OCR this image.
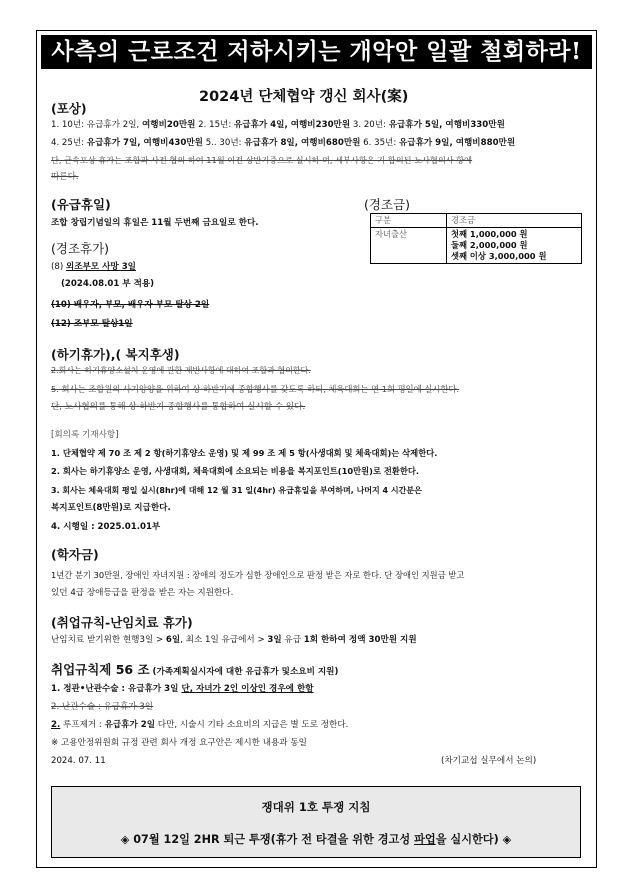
사측의 근로조건 저하시키는 개악안 일괄 철회하라!
2024년 단체협약 갱신 회사(案)
(포상)
1. 10년: 유급휴가 2일, 여행비20만원 2. 15년: 유급휴가 4일, 여행비230만원 3. 20년: 유급휴가 5일, 여행비330만원
4. 25년: 유급휴가 7일, 여행비430만원 5.. 30년: 유급휴가 8일, 여행비680만원 6. 35년: 유급휴가 9일, 여행비880만원
단, 근속포상 휴가는 조합과 사전 협의 하여 11월 이전 상반기중으로 실시하 며, 세부사항은 기 합의된 노사협의사 항에
따른다.
(유급휴일)
조합 창립기념일의 휴일은 11월 두번째 금요일로 한다.
(경조휴가)
(8) 외조부모 사망 3일
(2024.08.01 부 적용)
(10) 배우자, 부모, 배우자 부모 탈상 2일
(12) 조부모 탈상1일
(경조금)
구분	경조금
자녀출산	첫째 1,000,000 원
둘째 2,000,000 원
셋째 이상 3,000,000 원
(하기휴가),( 복지후생)
2.회사는 하기휴양소설치 운영에 관한 제반사항에 대하여 조합과 협의한다.
5. 회사는 조합원의 사기앙양을 위하여 상·하반기에 종합행사를 갖도록 하되, 체육대회는 연 1회 평일에 실시한다.
단, 노사협의를 통해 상·하반기 종합행사를 통합하여 실시할 수 있다.
[회의록 기재사항]
1. 단체협약 제 70 조 제 2 항(하기휴양소 운영) 및 제 99 조 제 5 항(사생대회 및 체육대회)는 삭제한다.
2. 회사는 하기휴양소 운영, 사생대회, 체육대회에 소요되는 비용을 복지포인트(10만원)로 전환한다.
3. 회사는 체육대회 평일 실시(8hr)에 대해 12 월 31 일(4hr) 유급휴일을 부여하며, 나머지 4 시간분은
복지포인트(8만원)로 지급한다.
4. 시행일 : 2025.01.01부
(학자금)
1년간 분기 30만원, 장애인 자녀지원 : 장애의 정도가 심한 장애인으로 판정 받은 자로 한다. 단 장애인 지원금 받고
있던 4급 장애등급을 판정을 받은 자는 지원한다.
(취업규칙-난임치료 휴가)
난임치료 받기위한 현행3일 > 6일, 최소 1일 유급에서 > 3일 유급 1회 한하여 정액 30만원 지원
취업규칙제 56 조 (가족계획실시자에 대한 유급휴가 및소요비 지원)
1. 정관•난관수술 : 유급휴가 3일 단, 자녀가 2인 이상인 경우에 한함
2. 난관수술 : 유급휴가 3일
2. 루프제거 : 유급휴가 2일 다만, 시술시 기타 소요비의 지급은 별 도로 정한다.
※ 고용안정위원회 규정 관련 회사 개정 요구안은 제시한 내용과 동일
2024. 07. 11	(차기교섭 실무에서 논의)
쟁대위 1호 투쟁 지침
◈ 07월 12일 2HR 퇴근 투쟁(휴가 전 타결을 위한 경고성 파업을 실시한다) ◈
